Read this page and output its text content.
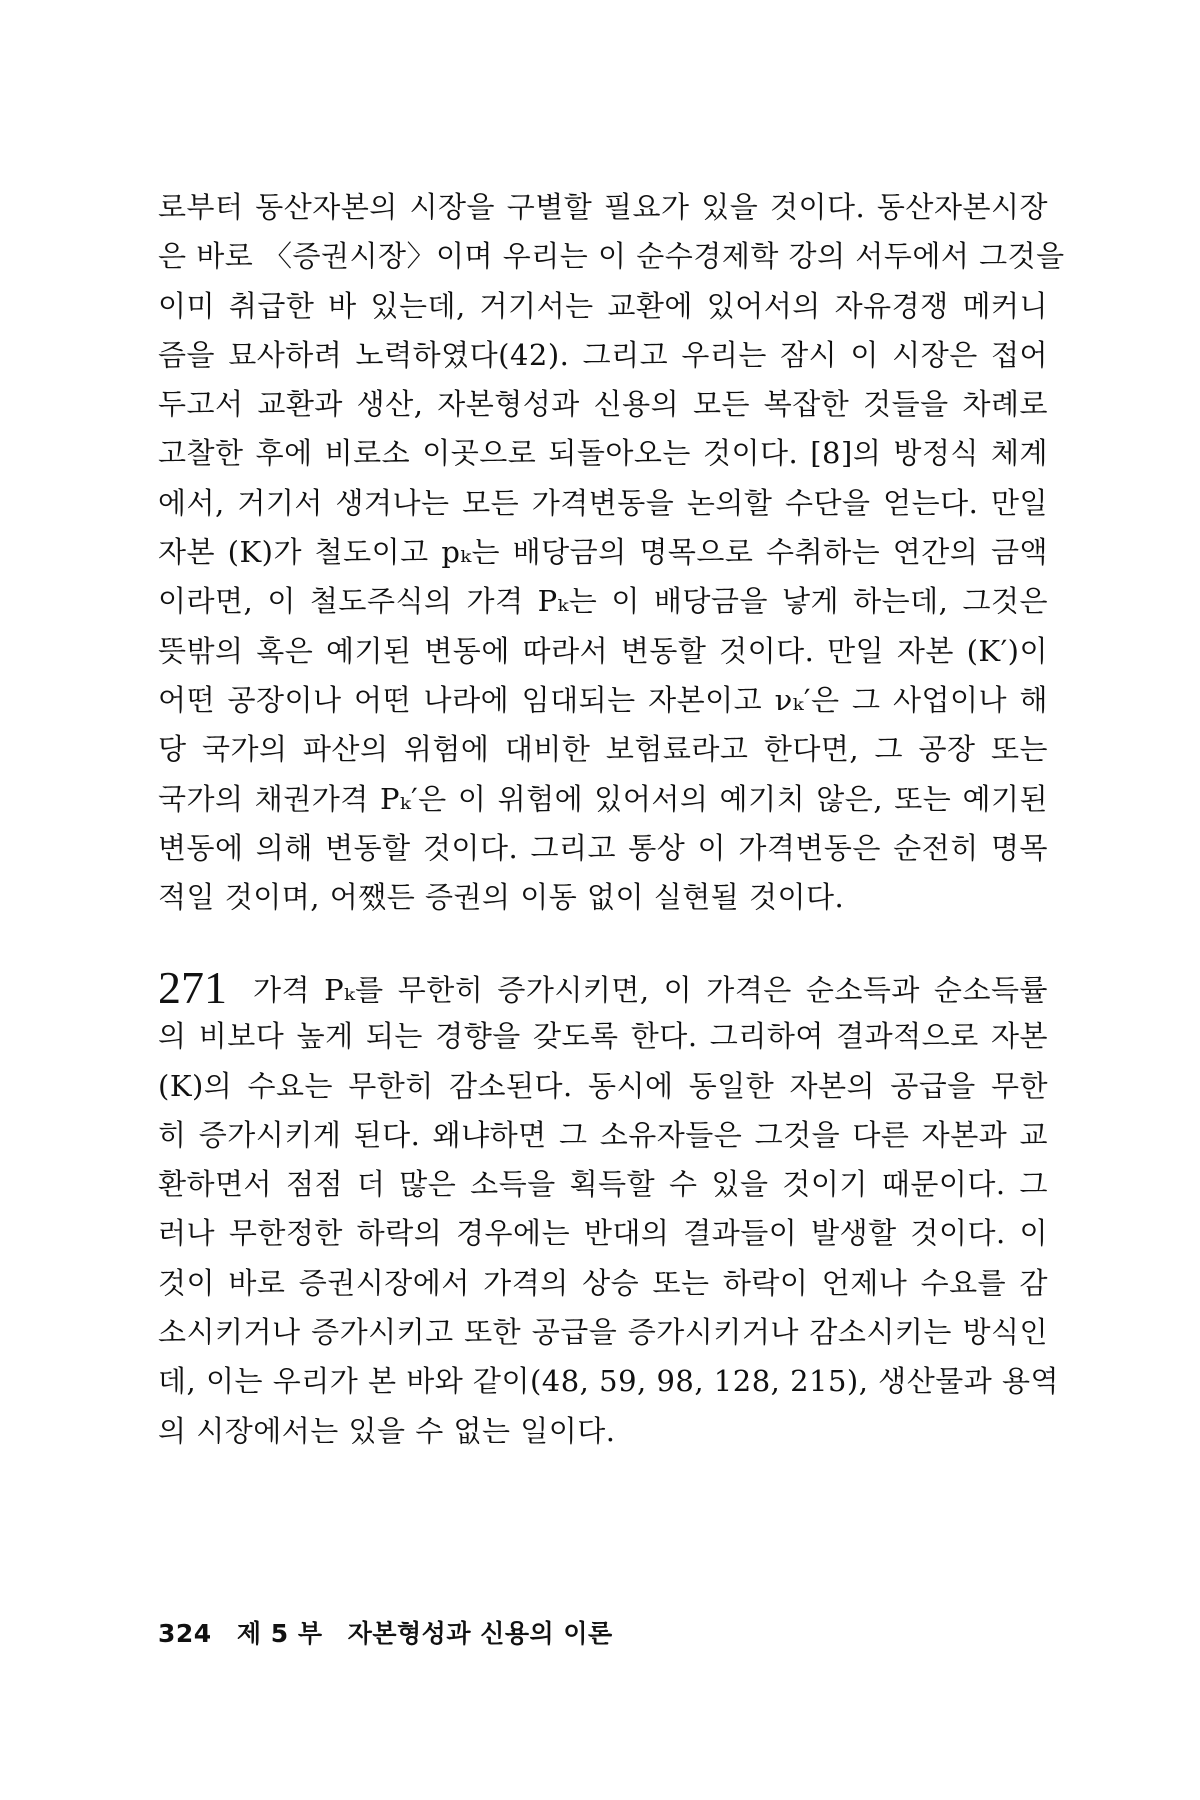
로부터 동산자본의 시장을 구별할 필요가 있을 것이다. 동산자본시장
은 바로 〈증권시장〉이며 우리는 이 순수경제학 강의 서두에서 그것을
이미 취급한 바 있는데, 거기서는 교환에 있어서의 자유경쟁 메커니
즘을 묘사하려 노력하였다(42). 그리고 우리는 잠시 이 시장은 접어
두고서 교환과 생산, 자본형성과 신용의 모든 복잡한 것들을 차례로
고찰한 후에 비로소 이곳으로 되돌아오는 것이다. [8]의 방정식 체계
에서, 거기서 생겨나는 모든 가격변동을 논의할 수단을 얻는다. 만일
자본 (K)가 철도이고 pₖ는 배당금의 명목으로 수취하는 연간의 금액
이라면, 이 철도주식의 가격 Pₖ는 이 배당금을 낳게 하는데, 그것은
뜻밖의 혹은 예기된 변동에 따라서 변동할 것이다. 만일 자본 (K′)이
어떤 공장이나 어떤 나라에 임대되는 자본이고 νₖ′은 그 사업이나 해
당 국가의 파산의 위험에 대비한 보험료라고 한다면, 그 공장 또는
국가의 채권가격 Pₖ′은 이 위험에 있어서의 예기치 않은, 또는 예기된
변동에 의해 변동할 것이다. 그리고 통상 이 가격변동은 순전히 명목
적일 것이며, 어쨌든 증권의 이동 없이 실현될 것이다.
271 가격 Pₖ를 무한히 증가시키면, 이 가격은 순소득과 순소득률
의 비보다 높게 되는 경향을 갖도록 한다. 그리하여 결과적으로 자본
(K)의 수요는 무한히 감소된다. 동시에 동일한 자본의 공급을 무한
히 증가시키게 된다. 왜냐하면 그 소유자들은 그것을 다른 자본과 교
환하면서 점점 더 많은 소득을 획득할 수 있을 것이기 때문이다. 그
러나 무한정한 하락의 경우에는 반대의 결과들이 발생할 것이다. 이
것이 바로 증권시장에서 가격의 상승 또는 하락이 언제나 수요를 감
소시키거나 증가시키고 또한 공급을 증가시키거나 감소시키는 방식인
데, 이는 우리가 본 바와 같이(48, 59, 98, 128, 215), 생산물과 용역
의 시장에서는 있을 수 없는 일이다.
324 제 5 부 자본형성과 신용의 이론
